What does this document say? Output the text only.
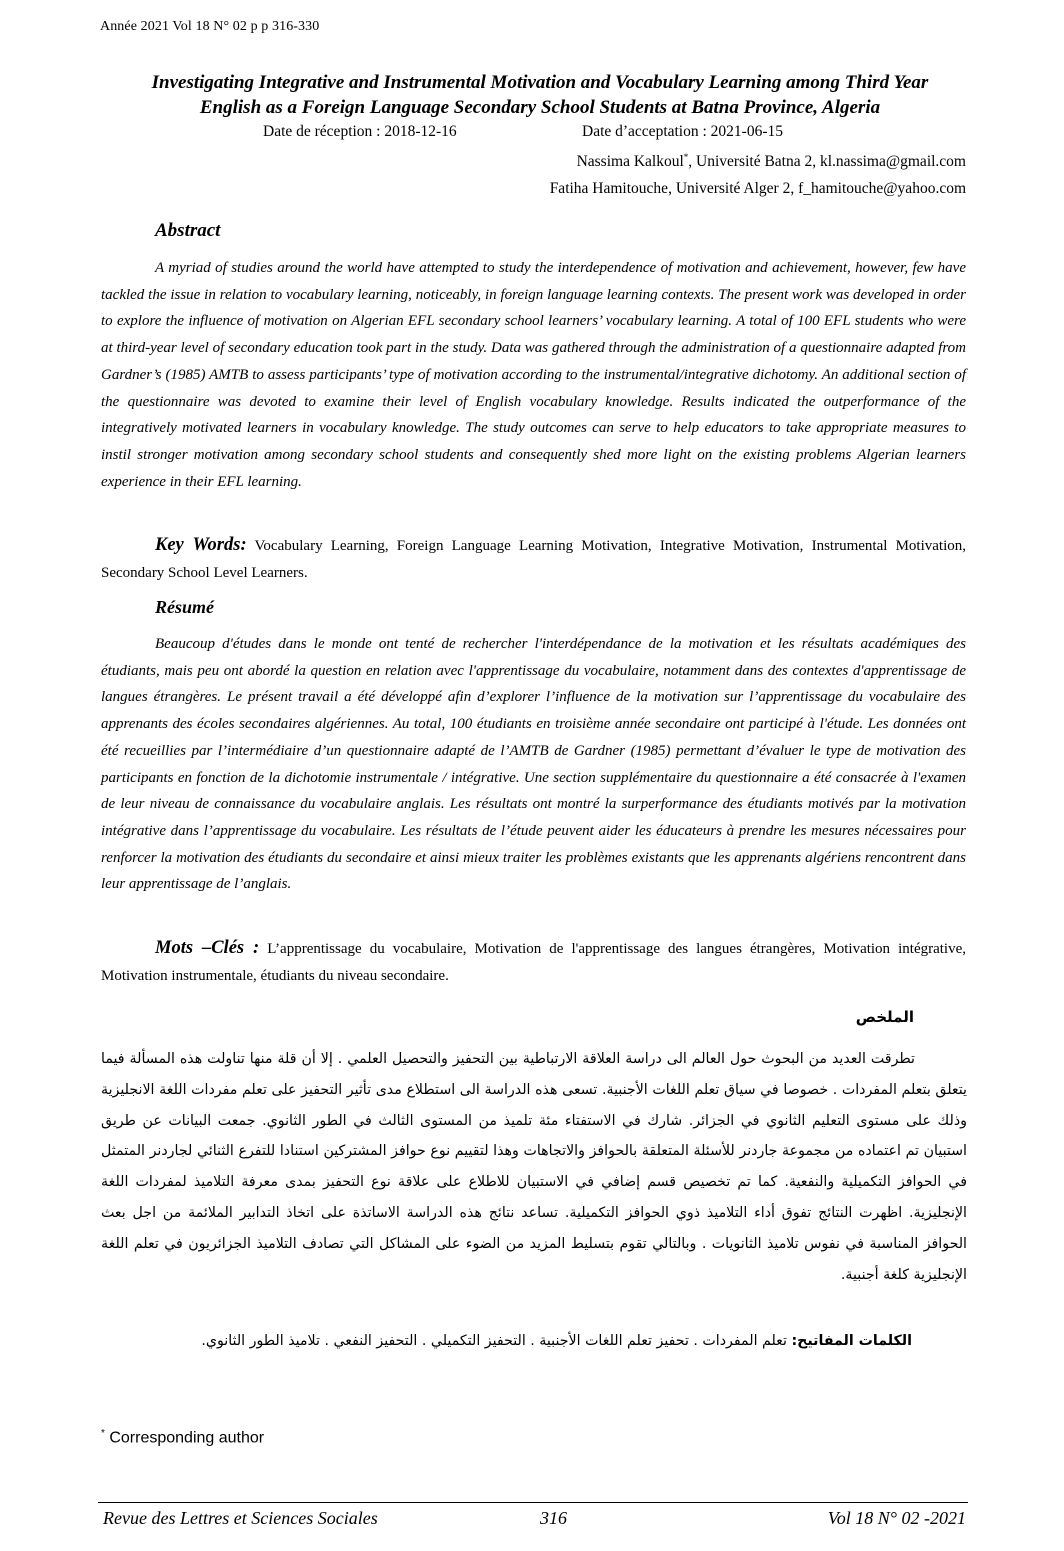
Année 2021 Vol 18 N° 02 p p 316-330
Investigating Integrative and Instrumental Motivation and Vocabulary Learning among Third Year
English as a Foreign Language Secondary School Students at Batna Province, Algeria
Date de réception : 2018-12-16	Date d’acceptation : 2021-06-15
Nassima Kalkoul*, Université Batna 2, kl.nassima@gmail.com
Fatiha Hamitouche, Université Alger 2, f_hamitouche@yahoo.com
Abstract

A myriad of studies around the world have attempted to study the interdependence of motivation and achievement, however, few have tackled the issue in relation to vocabulary learning, noticeably, in foreign language learning contexts. The present work was developed in order to explore the influence of motivation on Algerian EFL secondary school learners’ vocabulary learning. A total of 100 EFL students who were at third-year level of secondary education took part in the study. Data was gathered through the administration of a questionnaire adapted from Gardner’s (1985) AMTB to assess participants’ type of motivation according to the instrumental/integrative dichotomy. An additional section of the questionnaire was devoted to examine their level of English vocabulary knowledge. Results indicated the outperformance of the integratively motivated learners in vocabulary knowledge. The study outcomes can serve to help educators to take appropriate measures to instil stronger motivation among secondary school students and consequently shed more light on the existing problems Algerian learners experience in their EFL learning.

Key Words: Vocabulary Learning, Foreign Language Learning Motivation, Integrative Motivation, Instrumental Motivation, Secondary School Level Learners.

Résumé

Beaucoup d'études dans le monde ont tenté de rechercher l'interdépendance de la motivation et les résultats académiques des étudiants, mais peu ont abordé la question en relation avec l'apprentissage du vocabulaire, notamment dans des contextes d'apprentissage de langues étrangères. Le présent travail a été développé afin d’explorer l’influence de la motivation sur l’apprentissage du vocabulaire des apprenants des écoles secondaires algériennes. Au total, 100 étudiants en troisième année secondaire ont participé à l'étude. Les données ont été recueillies par l’intermédiaire d’un questionnaire adapté de l’AMTB de Gardner (1985) permettant d’évaluer le type de motivation des participants en fonction de la dichotomie instrumentale / intégrative. Une section supplémentaire du questionnaire a été consacrée à l'examen de leur niveau de connaissance du vocabulaire anglais. Les résultats ont montré la surperformance des étudiants motivés par la motivation intégrative dans l’apprentissage du vocabulaire. Les résultats de l’étude peuvent aider les éducateurs à prendre les mesures nécessaires pour renforcer la motivation des étudiants du secondaire et ainsi mieux traiter les problèmes existants que les apprenants algériens rencontrent dans leur apprentissage de l’anglais.

Mots –Clés : L’apprentissage du vocabulaire, Motivation de l'apprentissage des langues étrangères, Motivation intégrative, Motivation instrumentale, étudiants du niveau secondaire.

الملخص

تطرقت العديد من البحوث حول العالم الى دراسة العلاقة الارتباطية بين التحفيز والتحصيل العلمي . إلا أن قلة منها تناولت هذه المسألة فيما يتعلق بتعلم المفردات . خصوصا في سياق تعلم اللغات الأجنبية. تسعى هذه الدراسة الى استطلاع مدى تأثير التحفيز على تعلم مفردات اللغة الانجليزية وذلك على مستوى التعليم الثانوي في الجزائر. شارك في الاستفتاء مئة تلميذ من المستوى الثالث في الطور الثانوي. جمعت البيانات عن طريق استبيان تم اعتماده من مجموعة جاردنر للأسئلة المتعلقة بالحوافز والاتجاهات وهذا لتقييم نوع حوافز المشتركين استنادا للتفرع الثنائي لجاردنر المتمثل في الحوافز التكميلية والنفعية. كما تم تخصيص قسم إضافي في الاستبيان للاطلاع على علاقة نوع التحفيز بمدى معرفة التلاميذ لمفردات اللغة الإنجليزية. اظهرت النتائج تفوق أداء التلاميذ ذوي الحوافز التكميلية. تساعد نتائج هذه الدراسة الاساتذة على اتخاذ التدابير الملائمة من اجل بعث الحوافز المناسبة في نفوس تلاميذ الثانويات . وبالتالي تقوم بتسليط المزيد من الضوء على المشاكل التي تصادف التلاميذ الجزائريون في تعلم اللغة الإنجليزية كلغة أجنبية.

الكلمات المفاتيح: تعلم المفردات . تحفيز تعلم اللغات الأجنبية . التحفيز التكميلي . التحفيز النفعي . تلاميذ الطور الثانوي.
* Corresponding author
Revue des Lettres et Sciences Sociales	316	Vol 18 N° 02 -2021
